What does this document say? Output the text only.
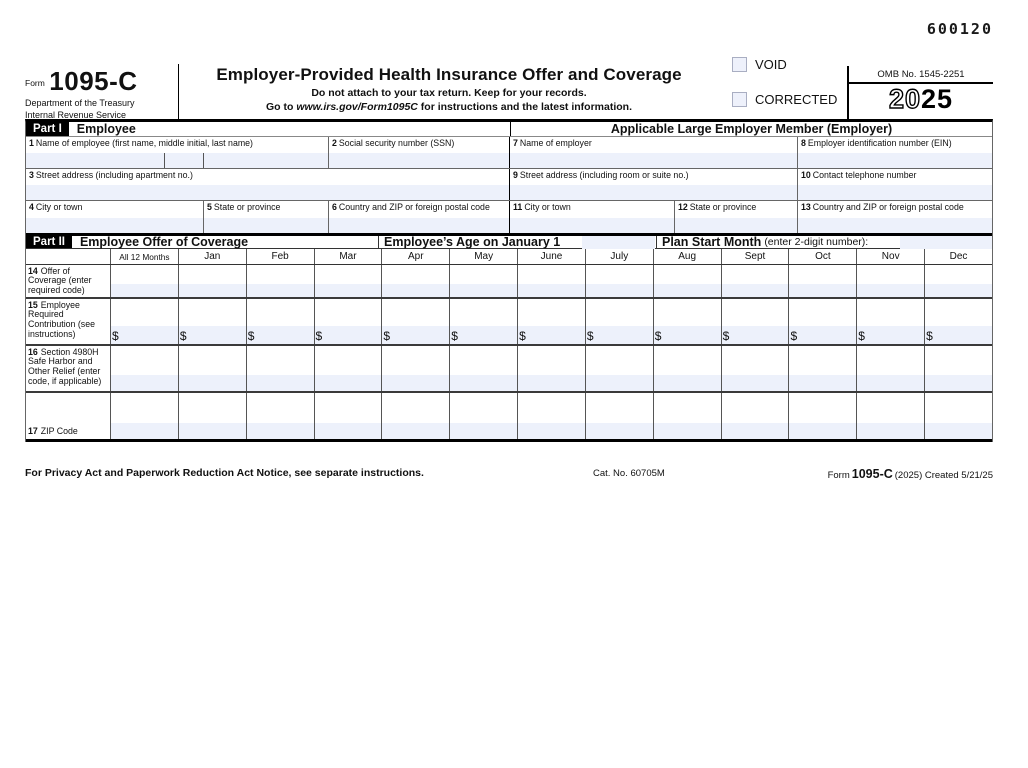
600120
$^{Form}$ 1095-C
Department of the Treasury
Internal Revenue Service
Employer-Provided Health Insurance Offer and Coverage
Do not attach to your tax return. Keep for your records.
Go to www.irs.gov/Form1095C for instructions and the latest information.
VOID
CORRECTED
OMB No. 1545-2251
2025
Part I	Employee	Applicable Large Employer Member (Employer)
1 Name of employee (first name, middle initial, last name)	2 Social security number (SSN)	7 Name of employer	8 Employer identification number (EIN)
3 Street address (including apartment no.)	9 Street address (including room or suite no.)	10 Contact telephone number
4 City or town	5 State or province	6 Country and ZIP or foreign postal code	11 City or town	12 State or province	13 Country and ZIP or foreign postal code
Part II	Employee Offer of Coverage	Employee’s Age on January 1	Plan Start Month (enter 2-digit number):
All 12 Months	Jan	Feb	Mar	Apr	May	June	July	Aug	Sept	Oct	Nov	Dec
14 Offer of Coverage (enter required code)
15 Employee Required Contribution (see instructions)	$	$	$	$	$	$	$	$	$	$	$	$	$
16 Section 4980H Safe Harbor and Other Relief (enter code, if applicable)
17 ZIP Code
For Privacy Act and Paperwork Reduction Act Notice, see separate instructions.	Cat. No. 60705M	Form 1095-C (2025) Created 5/21/25
